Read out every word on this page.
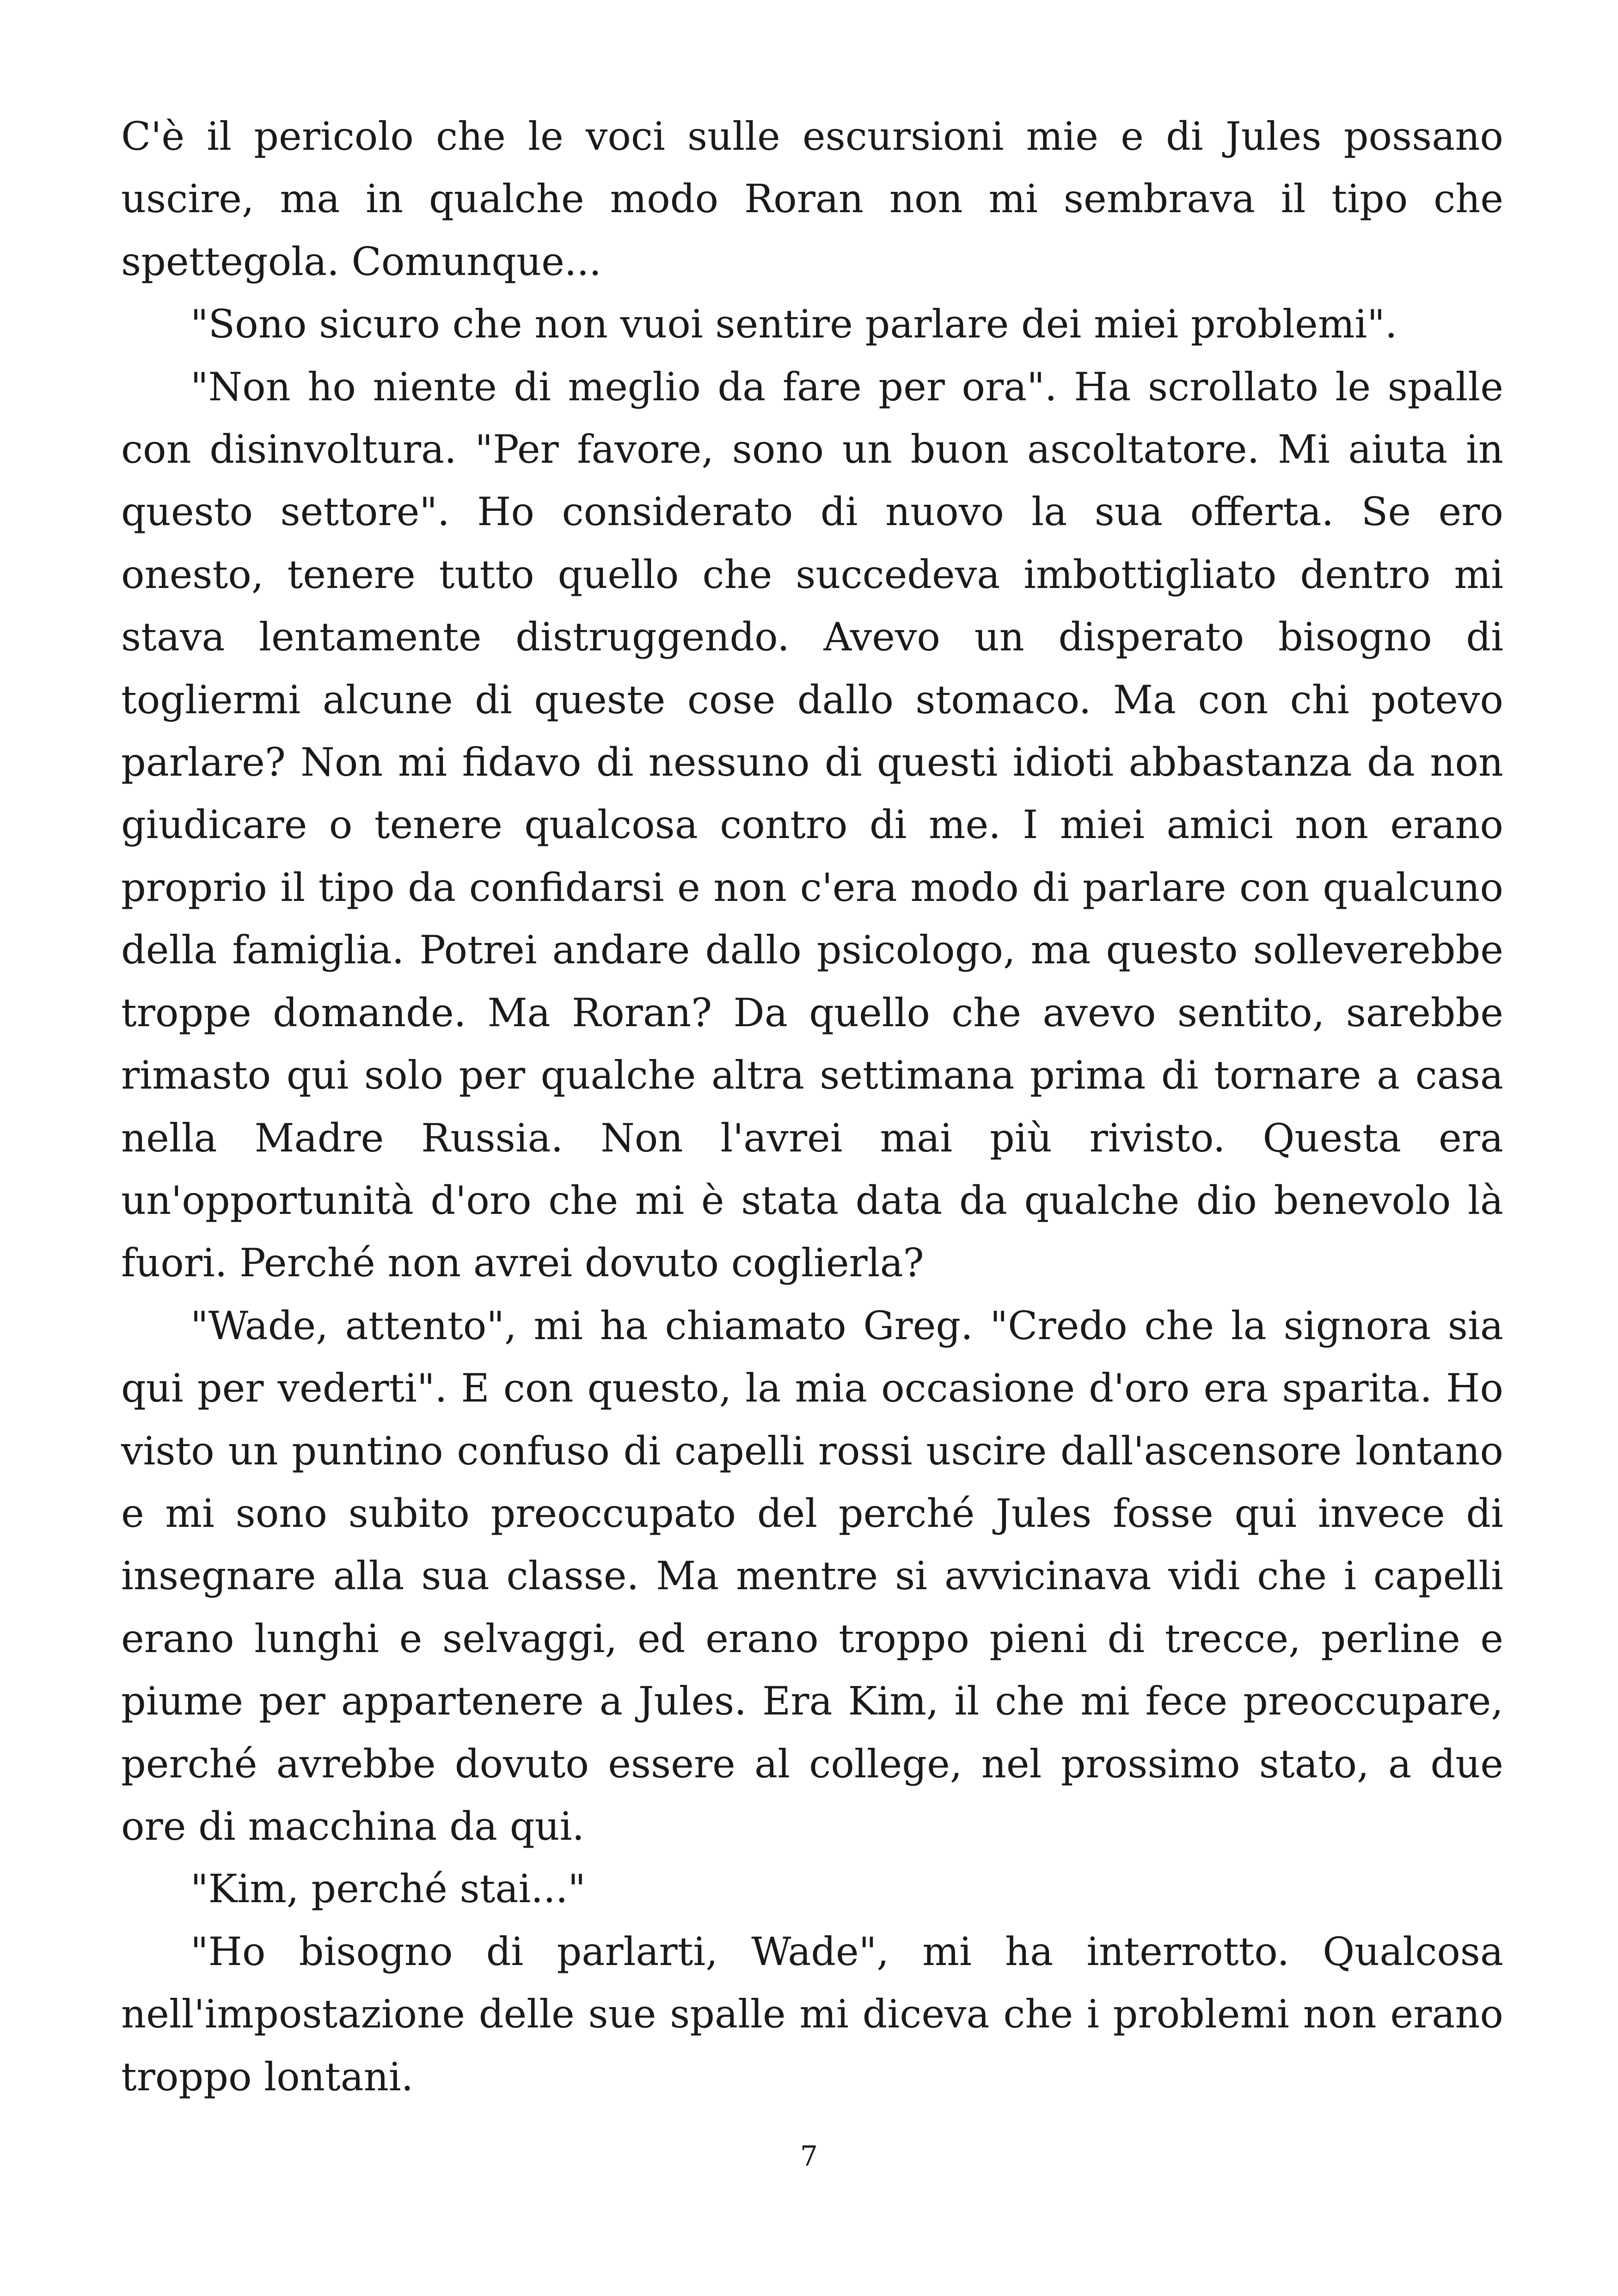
C'è il pericolo che le voci sulle escursioni mie e di Jules possano uscire, ma in qualche modo Roran non mi sembrava il tipo che spettegola. Comunque...

"Sono sicuro che non vuoi sentire parlare dei miei problemi".

"Non ho niente di meglio da fare per ora". Ha scrollato le spalle con disinvoltura. "Per favore, sono un buon ascoltatore. Mi aiuta in questo settore". Ho considerato di nuovo la sua offerta. Se ero onesto, tenere tutto quello che succedeva imbottigliato dentro mi stava lentamente distruggendo. Avevo un disperato bisogno di togliermi alcune di queste cose dallo stomaco. Ma con chi potevo parlare? Non mi fidavo di nessuno di questi idioti abbastanza da non giudicare o tenere qualcosa contro di me. I miei amici non erano proprio il tipo da confidarsi e non c'era modo di parlare con qualcuno della famiglia. Potrei andare dallo psicologo, ma questo solleverebbe troppe domande. Ma Roran? Da quello che avevo sentito, sarebbe rimasto qui solo per qualche altra settimana prima di tornare a casa nella Madre Russia. Non l'avrei mai più rivisto. Questa era un'opportunità d'oro che mi è stata data da qualche dio benevolo là fuori. Perché non avrei dovuto coglierla?

"Wade, attento", mi ha chiamato Greg. "Credo che la signora sia qui per vederti". E con questo, la mia occasione d'oro era sparita. Ho visto un puntino confuso di capelli rossi uscire dall'ascensore lontano e mi sono subito preoccupato del perché Jules fosse qui invece di insegnare alla sua classe. Ma mentre si avvicinava vidi che i capelli erano lunghi e selvaggi, ed erano troppo pieni di trecce, perline e piume per appartenere a Jules. Era Kim, il che mi fece preoccupare, perché avrebbe dovuto essere al college, nel prossimo stato, a due ore di macchina da qui.

"Kim, perché stai..."

"Ho bisogno di parlarti, Wade", mi ha interrotto. Qualcosa nell'impostazione delle sue spalle mi diceva che i problemi non erano troppo lontani.

7
